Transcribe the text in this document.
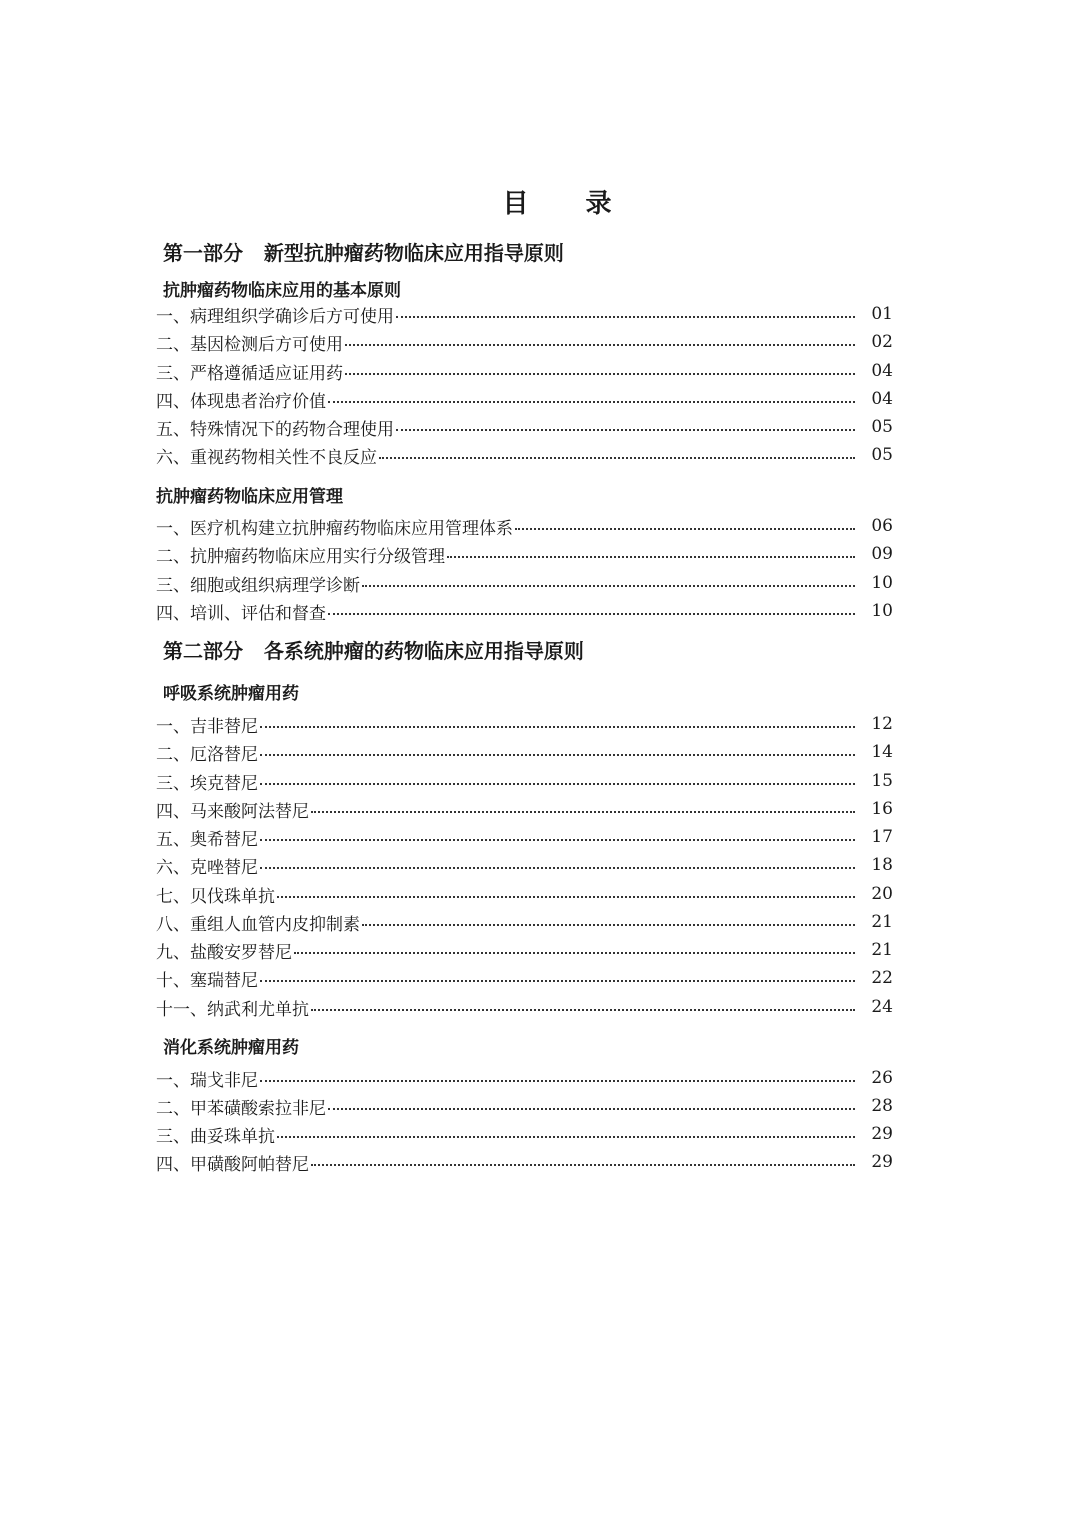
目 录
第一部分   新型抗肿瘤药物临床应用指导原则
抗肿瘤药物临床应用的基本原则
一、病理组织学确诊后方可使用	01
二、基因检测后方可使用	02
三、严格遵循适应证用药	04
四、体现患者治疗价值	04
五、特殊情况下的药物合理使用	05
六、重视药物相关性不良反应	05
抗肿瘤药物临床应用管理
一、医疗机构建立抗肿瘤药物临床应用管理体系	06
二、抗肿瘤药物临床应用实行分级管理	09
三、细胞或组织病理学诊断	10
四、培训、评估和督查	10
第二部分   各系统肿瘤的药物临床应用指导原则
呼吸系统肿瘤用药
一、吉非替尼	12
二、厄洛替尼	14
三、埃克替尼	15
四、马来酸阿法替尼	16
五、奥希替尼	17
六、克唑替尼	18
七、贝伐珠单抗	20
八、重组人血管内皮抑制素	21
九、盐酸安罗替尼	21
十、塞瑞替尼	22
十一、纳武利尤单抗	24
消化系统肿瘤用药
一、瑞戈非尼	26
二、甲苯磺酸索拉非尼	28
三、曲妥珠单抗	29
四、甲磺酸阿帕替尼	29
